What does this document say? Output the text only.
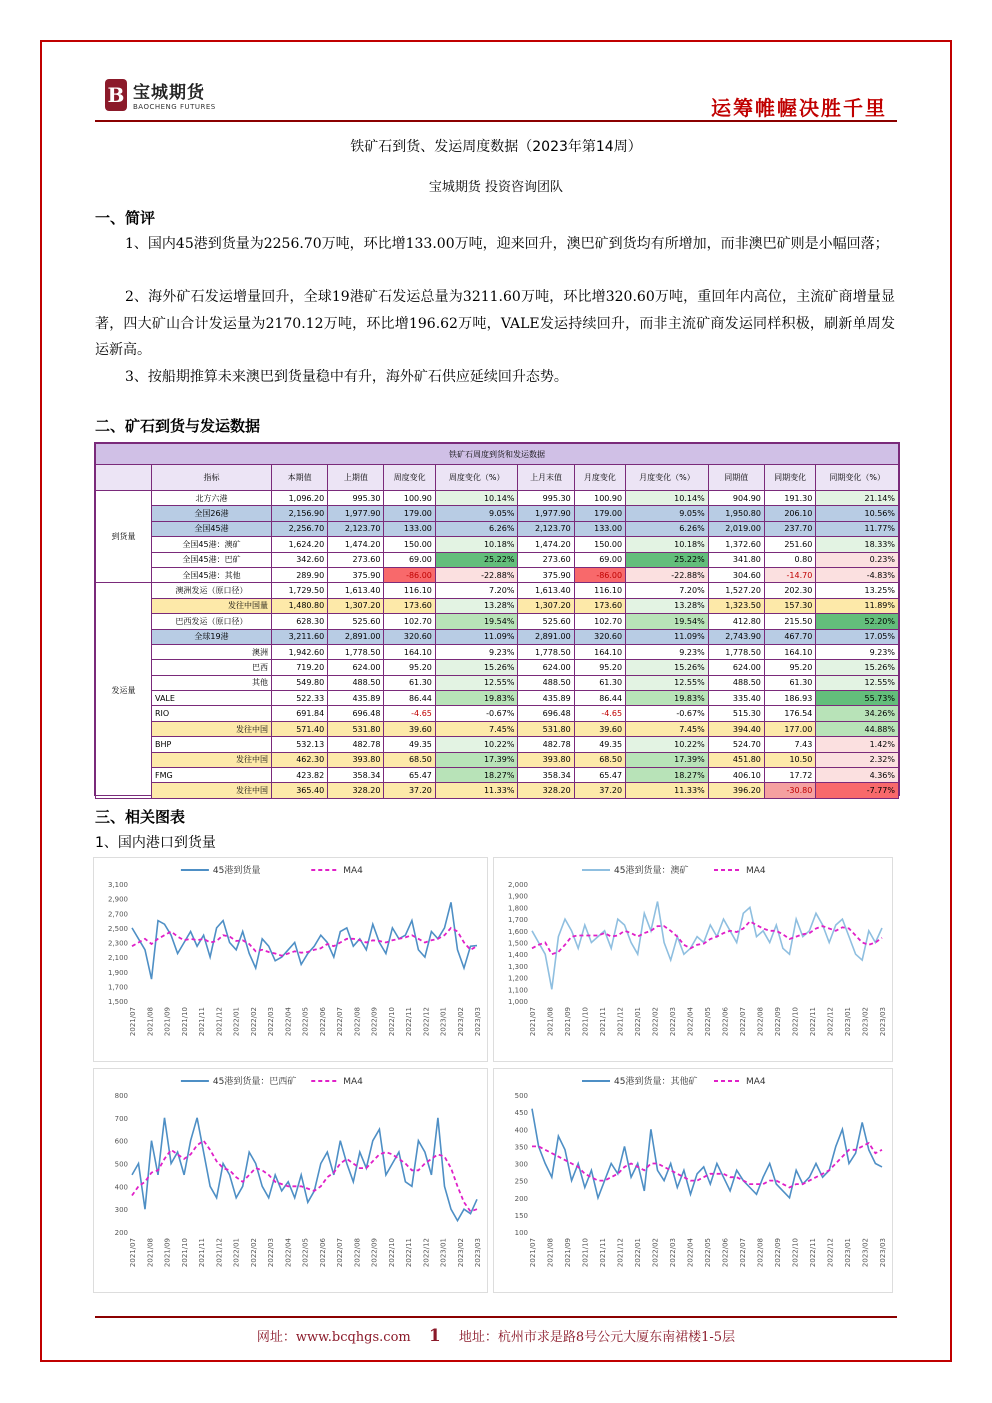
B 宝城期货
BAOCHENG FUTURES	运筹帷幄决胜千里
铁矿石到货、发运周度数据（2023年第14周）
宝城期货 投资咨询团队
一、简评
1、国内45港到货量为2256.70万吨，环比增133.00万吨，迎来回升，澳巴矿到货均有所增加，而非澳巴矿则是小幅回落；
2、海外矿石发运增量回升，全球19港矿石发运总量为3211.60万吨，环比增320.60万吨，重回年内高位，主流矿商增量显著，四大矿山合计发运量为2170.12万吨，环比增196.62万吨，VALE发运持续回升，而非主流矿商发运同样积极，刷新单周发运新高。
3、按船期推算未来澳巴到货量稳中有升，海外矿石供应延续回升态势。
二、矿石到货与发运数据
铁矿石周度到货和发运数据											
	指标	本期值	上期值	周度变化	周度变化（%）	上月末值	月度变化	月度变化（%）	同期值	同期变化	同期变化（%）
到货量	北方六港	1,096.20	995.30	100.90	10.14%	995.30	100.90	10.14%	904.90	191.30	21.14%
	全国26港	2,156.90	1,977.90	179.00	9.05%	1,977.90	179.00	9.05%	1,950.80	206.10	10.56%
	全国45港	2,256.70	2,123.70	133.00	6.26%	2,123.70	133.00	6.26%	2,019.00	237.70	11.77%
	全国45港：澳矿	1,624.20	1,474.20	150.00	10.18%	1,474.20	150.00	10.18%	1,372.60	251.60	18.33%
	全国45港：巴矿	342.60	273.60	69.00	25.22%	273.60	69.00	25.22%	341.80	0.80	0.23%
	全国45港：其他	289.90	375.90	-86.00	-22.88%	375.90	-86.00	-22.88%	304.60	-14.70	-4.83%
发运量	澳洲发运（原口径）	1,729.50	1,613.40	116.10	7.20%	1,613.40	116.10	7.20%	1,527.20	202.30	13.25%
	发往中国量	1,480.80	1,307.20	173.60	13.28%	1,307.20	173.60	13.28%	1,323.50	157.30	11.89%
	巴西发运（原口径）	628.30	525.60	102.70	19.54%	525.60	102.70	19.54%	412.80	215.50	52.20%
	全球19港	3,211.60	2,891.00	320.60	11.09%	2,891.00	320.60	11.09%	2,743.90	467.70	17.05%
	澳洲	1,942.60	1,778.50	164.10	9.23%	1,778.50	164.10	9.23%	1,778.50	164.10	9.23%
	巴西	719.20	624.00	95.20	15.26%	624.00	95.20	15.26%	624.00	95.20	15.26%
	其他	549.80	488.50	61.30	12.55%	488.50	61.30	12.55%	488.50	61.30	12.55%
	VALE	522.33	435.89	86.44	19.83%	435.89	86.44	19.83%	335.40	186.93	55.73%
	RIO	691.84	696.48	-4.65	-0.67%	696.48	-4.65	-0.67%	515.30	176.54	34.26%
	发往中国	571.40	531.80	39.60	7.45%	531.80	39.60	7.45%	394.40	177.00	44.88%
	BHP	532.13	482.78	49.35	10.22%	482.78	49.35	10.22%	524.70	7.43	1.42%
	发往中国	462.30	393.80	68.50	17.39%	393.80	68.50	17.39%	451.80	10.50	2.32%
	FMG	423.82	358.34	65.47	18.27%	358.34	65.47	18.27%	406.10	17.72	4.36%
	发往中国	365.40	328.20	37.20	11.33%	328.20	37.20	11.33%	396.20	-30.80	-7.77%
三、相关图表
1、国内港口到货量
45港到货量	MA4
1,500
1,700
1,900
2,100
2,300
2,500
2,700
2,900
3,100
2021/07 2021/08 2021/09 2021/10 2021/11 2021/12 2022/01 2022/02 2022/03 2022/04 2022/05 2022/06 2022/07 2022/08 2022/09 2022/10 2022/11 2022/12 2023/01 2023/02 2023/03
45港到货量：澳矿	MA4
1,000
1,100
1,200
1,300
1,400
1,500
1,600
1,700
1,800
1,900
2,000
2021/07 2021/08 2021/09 2021/10 2021/11 2021/12 2022/01 2022/02 2022/03 2022/04 2022/05 2022/06 2022/07 2022/08 2022/09 2022/10 2022/11 2022/12 2023/01 2023/02 2023/03
45港到货量：巴西矿	MA4
200
300
400
500
600
700
800
2021/07 2021/08 2021/09 2021/10 2021/11 2021/12 2022/01 2022/02 2022/03 2022/04 2022/05 2022/06 2022/07 2022/08 2022/09 2022/10 2022/11 2022/12 2023/01 2023/02 2023/03
45港到货量：其他矿	MA4
100
150
200
250
300
350
400
450
500
2021/07 2021/08 2021/09 2021/10 2021/11 2021/12 2022/01 2022/02 2022/03 2022/04 2022/05 2022/06 2022/07 2022/08 2022/09 2022/10 2022/11 2022/12 2023/01 2023/02 2023/03
网址：www.bcqhgs.com 1 地址：杭州市求是路8号公元大厦东南裙楼1-5层
